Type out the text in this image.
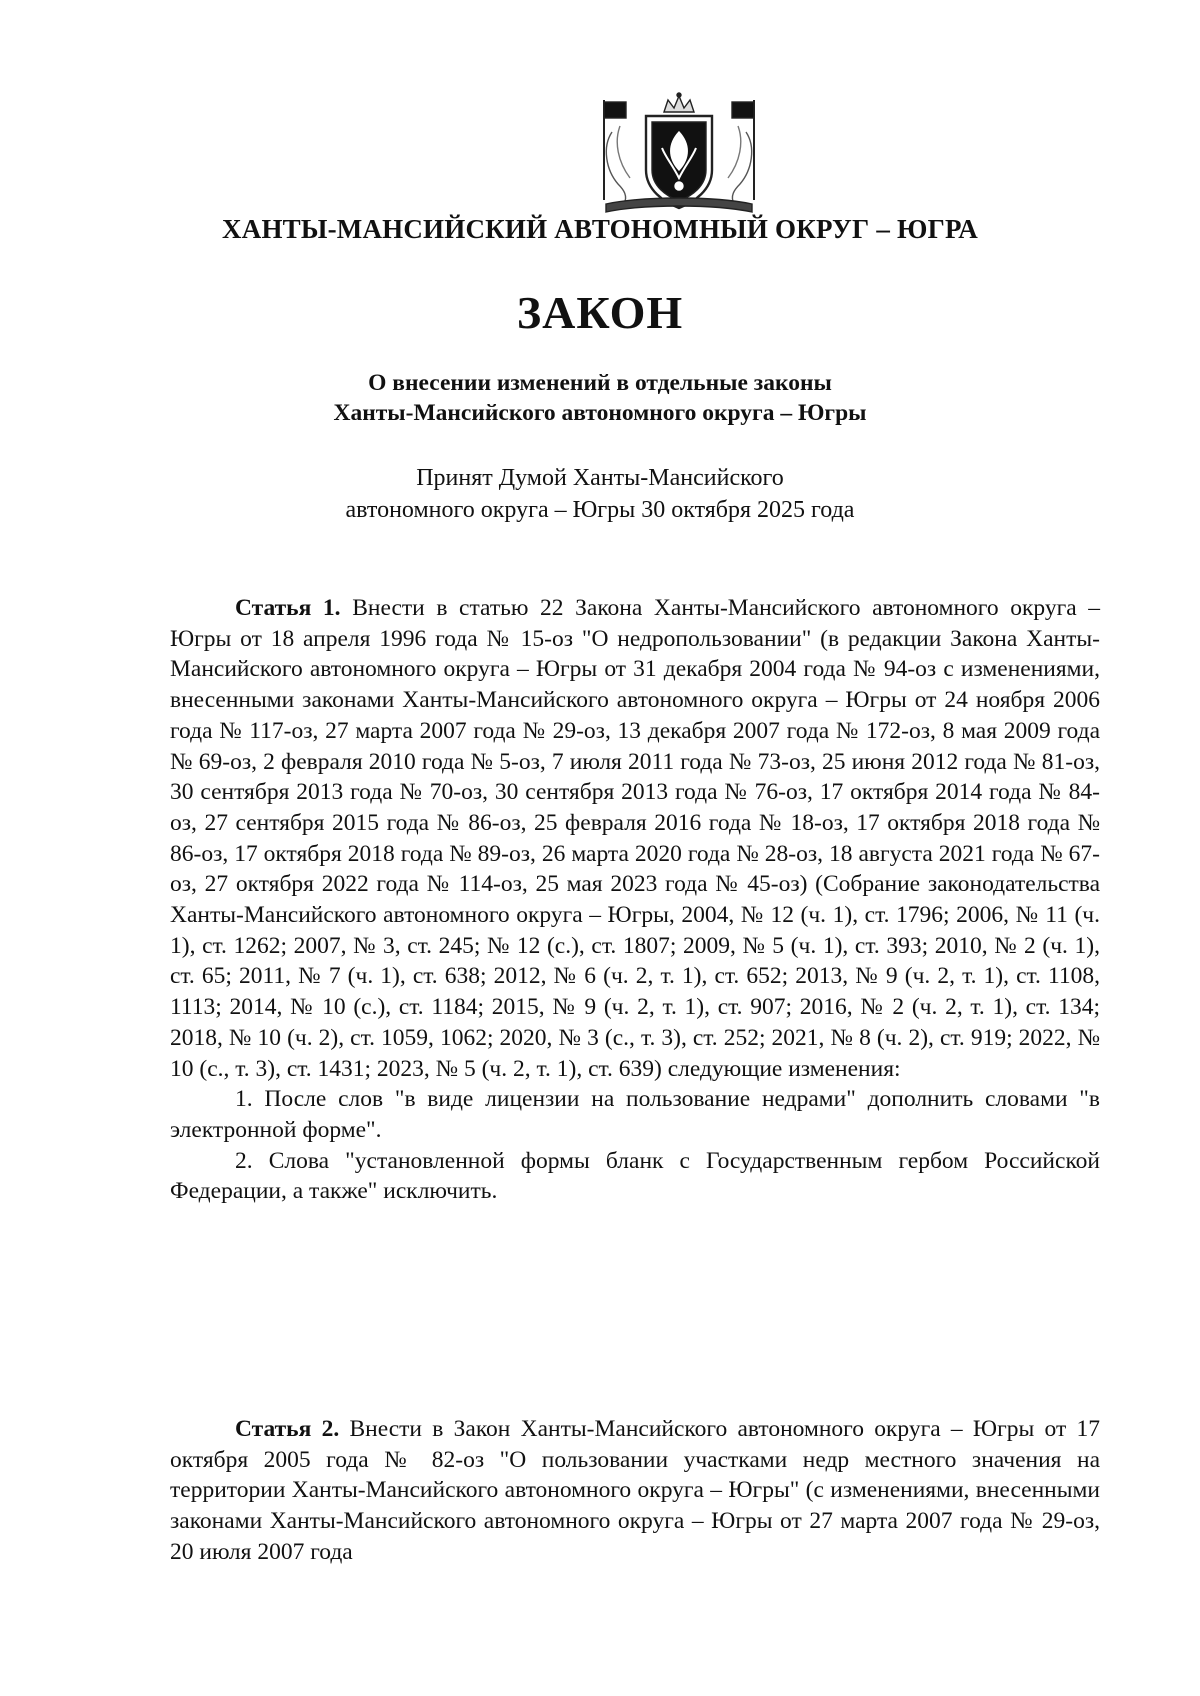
ХАНТЫ-МАНСИЙСКИЙ АВТОНОМНЫЙ ОКРУГ – ЮГРА
ЗАКОН
О внесении изменений в отдельные законы
Ханты-Мансийского автономного округа – Югры
Принят Думой Ханты-Мансийского
автономного округа – Югры 30 октября 2025 года

Статья 1. Внести в статью 22 Закона Ханты-Мансийского автономного округа – Югры от 18 апреля 1996 года № 15-оз "О недропользовании" (в редакции Закона Ханты-Мансийского автономного округа – Югры от 31 декабря 2004 года № 94-оз с изменениями, внесенными законами Ханты-Мансийского автономного округа – Югры от 24 ноября 2006 года № 117-оз, 27 марта 2007 года № 29-оз, 13 декабря 2007 года № 172-оз, 8 мая 2009 года № 69-оз, 2 февраля 2010 года № 5-оз, 7 июля 2011 года № 73-оз, 25 июня 2012 года № 81-оз, 30 сентября 2013 года № 70-оз, 30 сентября 2013 года № 76-оз, 17 октября 2014 года № 84-оз, 27 сентября 2015 года № 86-оз, 25 февраля 2016 года № 18-оз, 17 октября 2018 года № 86-оз, 17 октября 2018 года № 89-оз, 26 марта 2020 года № 28-оз, 18 августа 2021 года № 67-оз, 27 октября 2022 года № 114-оз, 25 мая 2023 года № 45-оз) (Собрание законодательства Ханты-Мансийского автономного округа – Югры, 2004, № 12 (ч. 1), ст. 1796; 2006, № 11 (ч. 1), ст. 1262; 2007, № 3, ст. 245; № 12 (с.), ст. 1807; 2009, № 5 (ч. 1), ст. 393; 2010, № 2 (ч. 1), ст. 65; 2011, № 7 (ч. 1), ст. 638; 2012, № 6 (ч. 2, т. 1), ст. 652; 2013, № 9 (ч. 2, т. 1), ст. 1108, 1113; 2014, № 10 (с.), ст. 1184; 2015, № 9 (ч. 2, т. 1), ст. 907; 2016, № 2 (ч. 2, т. 1), ст. 134; 2018, № 10 (ч. 2), ст. 1059, 1062; 2020, № 3 (с., т. 3), ст. 252; 2021, № 8 (ч. 2), ст. 919; 2022, № 10 (с., т. 3), ст. 1431; 2023, № 5 (ч. 2, т. 1), ст. 639) следующие изменения:

1. После слов "в виде лицензии на пользование недрами" дополнить словами "в электронной форме".

2. Слова "установленной формы бланк с Государственным гербом Российской Федерации, а также" исключить.

Статья 2. Внести в Закон Ханты-Мансийского автономного округа – Югры от 17 октября 2005 года № 82-оз "О пользовании участками недр местного значения на территории Ханты-Мансийского автономного округа – Югры" (с изменениями, внесенными законами Ханты-Мансийского автономного округа – Югры от 27 марта 2007 года № 29-оз, 20 июля 2007 года
